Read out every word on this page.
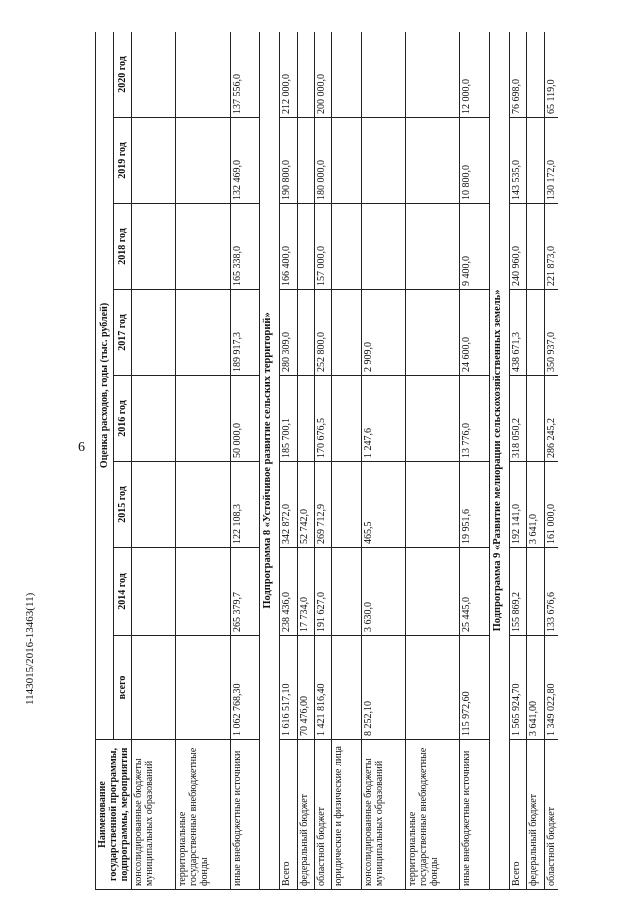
6
1143015/2016-13463(11)
Наименование государственной программы, подпрограммы, мероприятия	Оценка расходов, годы (тыс. рублей)							
	всего	2014 год	2015 год	2016 год	2017 год	2018 год	2019 год	2020 год
консолидированные бюджеты муниципальных образований								
территориальные государственные внебюджетные фонды								
иные внебюджетные источники	1 062 768,30	265 379,7	122 108,3	50 000,0	189 917,3	165 338,0	132 469,0	137 556,0
Подпрограмма 8 «Устойчивое развитие сельских территорий»								
Всего	1 616 517,10	238 436,0	342 872,0	185 700,1	280 309,0	166 400,0	190 800,0	212 000,0
федеральный бюджет	70 476,00	17 734,0	52 742,0					
областной бюджет	1 421 816,40	191 627,0	269 712,9	170 676,5	252 800,0	157 000,0	180 000,0	200 000,0
юридические и физические лица								
консолидированные бюджеты муниципальных образований	8 252,10	3 630,0	465,5	1 247,6	2 909,0			
территориальные государственные внебюджетные фонды								
иные внебюджетные источники	115 972,60	25 445,0	19 951,6	13 776,0	24 600,0	9 400,0	10 800,0	12 000,0
Подпрограмма 9 «Развитие мелиорации сельскохозяйственных земель»								
Всего	1 565 924,70	155 869,2	192 141,0	318 050,2	438 671,3	240 960,0	143 535,0	76 698,0
федеральный бюджет	3 641,00		3 641,0					
областной бюджет	1 349 022,80	133 676,6	161 000,0	286 245,2	350 937,0	221 873,0	130 172,0	65 119,0
